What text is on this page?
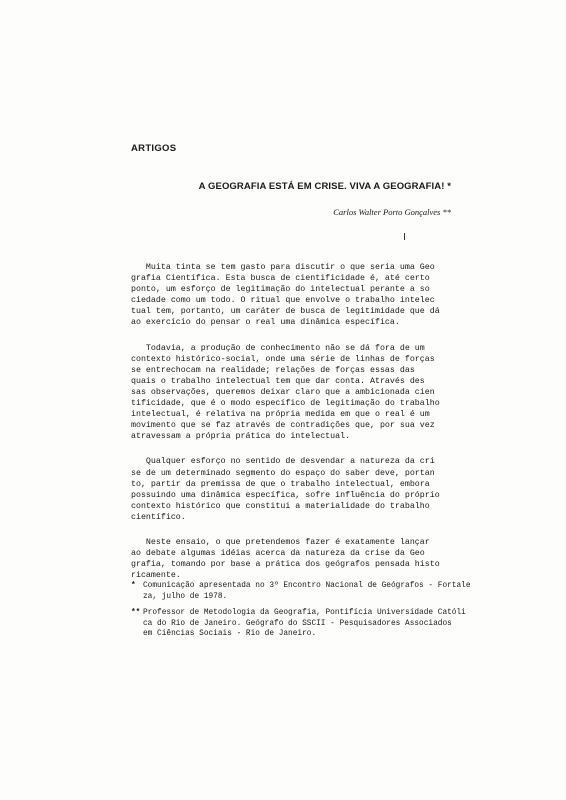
ARTIGOS
A GEOGRAFIA ESTÁ EM CRISE. VIVA A GEOGRAFIA! *
Carlos Walter Porto Gonçalves **
Muita tinta se tem gasto para discutir o que seria uma Geo
grafia Científica. Esta busca de cientificidade é, até certo
ponto, um esforço de legitimação do intelectual perante a so
ciedade como um todo. O ritual que envolve o trabalho intelec
tual tem, portanto, um caráter de busca de legitimidade que dá
ao exercício do pensar o real uma dinâmica específica.
Todavia, a produção de conhecimento não se dá fora de um
contexto histórico-social, onde uma série de linhas de forças
se entrechocam na realidade; relações de forças essas das
quais o trabalho intelectual tem que dar conta. Através des
sas observações, queremos deixar claro que a ambicionada cien
tificidade, que é o modo específico de legitimação do trabalho
intelectual, é relativa na própria medida em que o real é um
movimento que se faz através de contradições que, por sua vez
atravessam a própria prática do intelectual.
Qualquer esforço no sentido de desvendar a natureza da cri
se de um determinado segmento do espaço do saber deve, portan
to, partir da premissa de que o trabalho intelectual, embora
possuindo uma dinâmica específica, sofre influência do próprio
contexto histórico que constitui a materialidade do trabalho
científico.
Neste ensaio, o que pretendemos fazer é exatamente lançar
ao debate algumas idéias acerca da natureza da crise da Geo
grafia, tomando por base a prática dos geógrafos pensada histo
ricamente.
* Comunicação apresentada no 3º Encontro Nacional de Geógrafos - Fortale
za, julho de 1978.
** Professor de Metodologia da Geografia, Pontifícia Universidade Católi
ca do Rio de Janeiro. Geógrafo do SSCII - Pesquisadores Associados
em Ciências Sociais - Rio de Janeiro.
